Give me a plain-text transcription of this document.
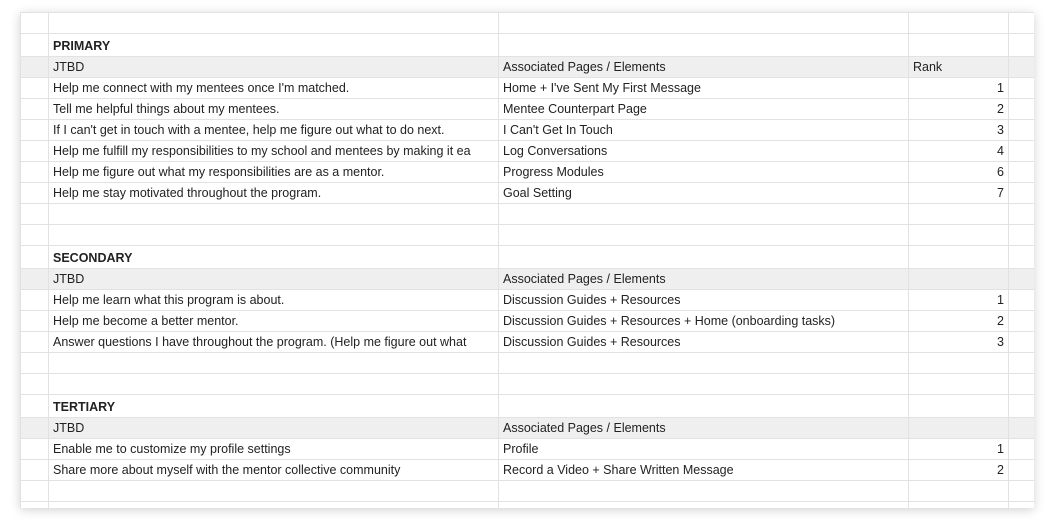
	PRIMARY			
	JTBD	Associated Pages / Elements	Rank	
	Help me connect with my mentees once I'm matched.	Home + I've Sent My First Message	1	
	Tell me helpful things about my mentees.	Mentee Counterpart Page	2	
	If I can't get in touch with a mentee, help me figure out what to do next.	I Can't Get In Touch	3	
	Help me fulfill my responsibilities to my school and mentees by making it ea	Log Conversations	4	
	Help me figure out what my responsibilities are as a mentor.	Progress Modules	6	
	Help me stay motivated throughout the program.	Goal Setting	7	

	SECONDARY			
	JTBD	Associated Pages / Elements		
	Help me learn what this program is about.	Discussion Guides + Resources	1	
	Help me become a better mentor.	Discussion Guides + Resources + Home (onboarding tasks)	2	
	Answer questions I have throughout the program. (Help me figure out what	Discussion Guides + Resources	3	

	TERTIARY			
	JTBD	Associated Pages / Elements		
	Enable me to customize my profile settings	Profile	1	
	Share more about myself with the mentor collective community	Record a Video + Share Written Message	2	
